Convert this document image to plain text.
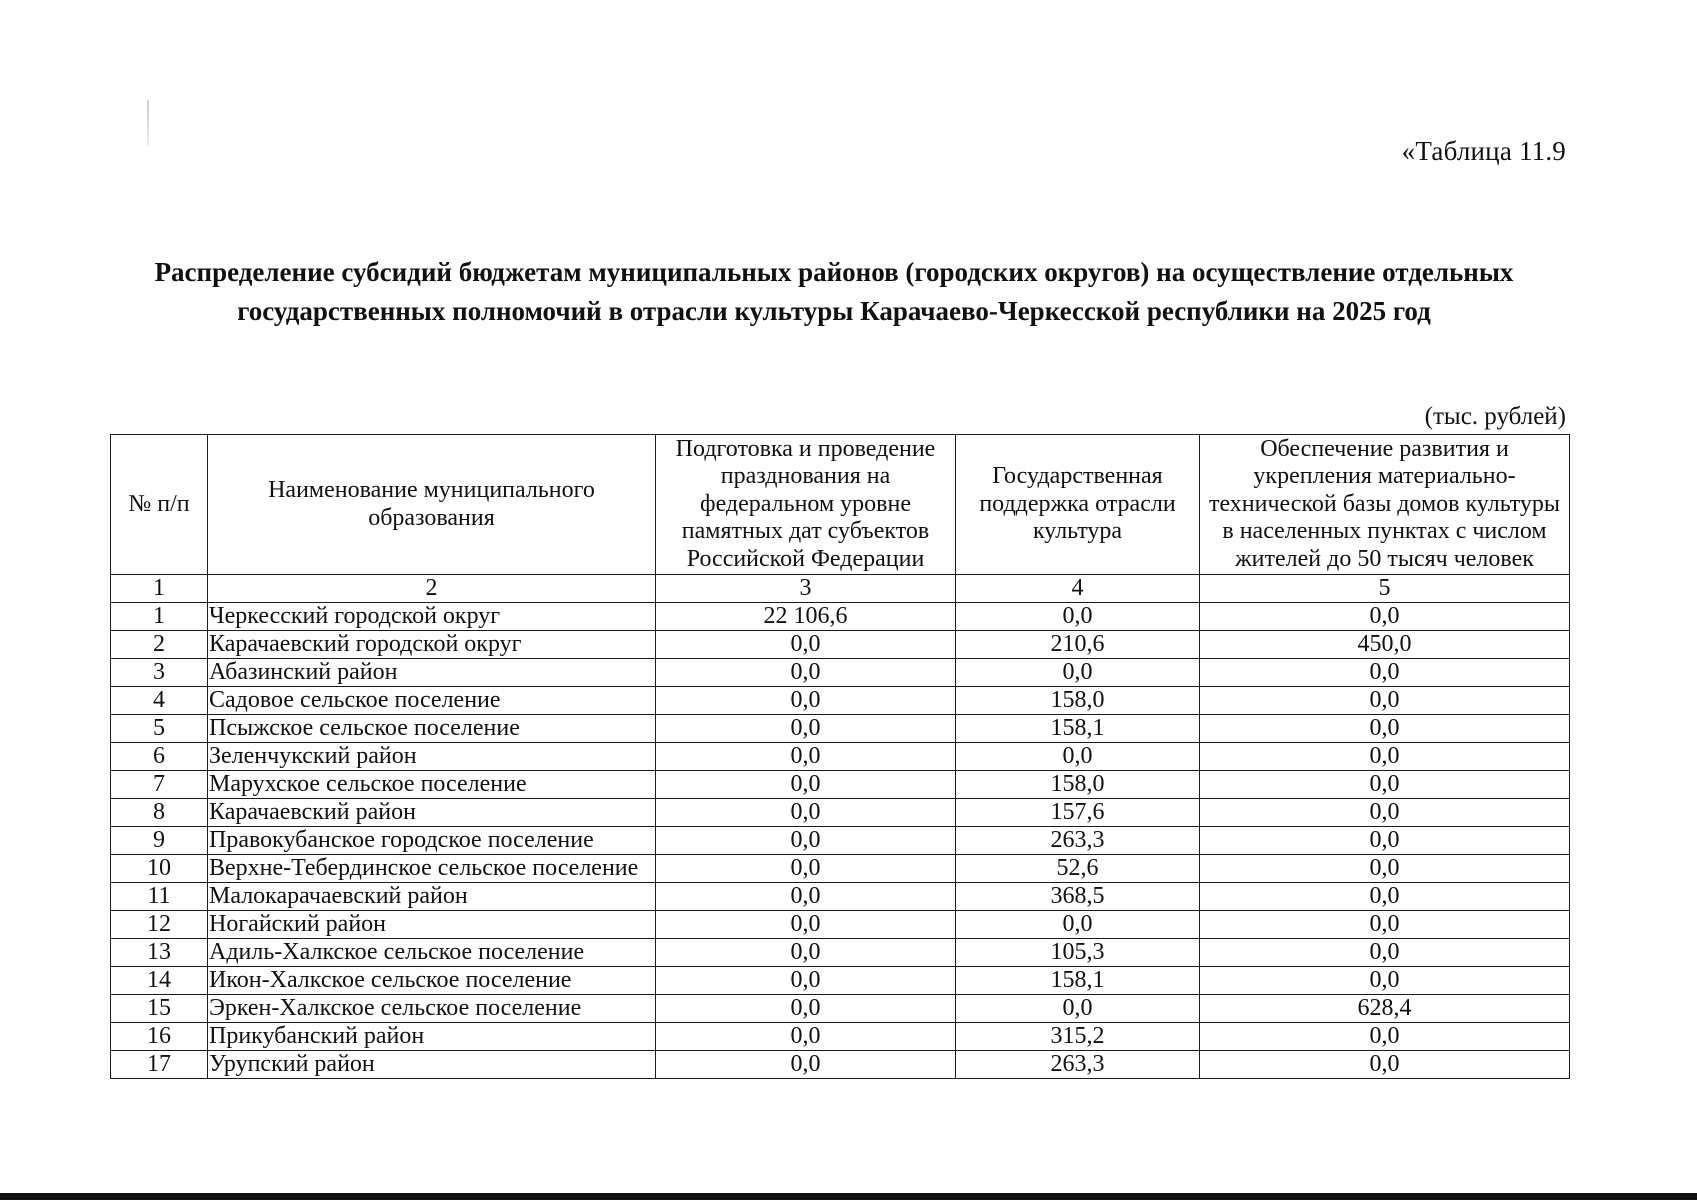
«Таблица 11.9
Распределение субсидий бюджетам муниципальных районов (городских округов) на осуществление отдельных государственных полномочий в отрасли культуры Карачаево-Черкесской республики на 2025 год
(тыс. рублей)
№ п/п	Наименование муниципального образования	Подготовка и проведение празднования на федеральном уровне памятных дат субъектов Российской Федерации	Государственная поддержка отрасли культура	Обеспечение развития и укрепления материально-технической базы домов культуры в населенных пунктах с числом жителей до 50 тысяч человек
1	2	3	4	5
1	Черкесский городской округ	22 106,6	0,0	0,0
2	Карачаевский городской округ	0,0	210,6	450,0
3	Абазинский район	0,0	0,0	0,0
4	Садовое сельское поселение	0,0	158,0	0,0
5	Псыжское сельское поселение	0,0	158,1	0,0
6	Зеленчукский район	0,0	0,0	0,0
7	Марухское сельское поселение	0,0	158,0	0,0
8	Карачаевский район	0,0	157,6	0,0
9	Правокубанское городское поселение	0,0	263,3	0,0
10	Верхне-Тебердинское сельское поселение	0,0	52,6	0,0
11	Малокарачаевский район	0,0	368,5	0,0
12	Ногайский район	0,0	0,0	0,0
13	Адиль-Халкское сельское поселение	0,0	105,3	0,0
14	Икон-Халкское сельское поселение	0,0	158,1	0,0
15	Эркен-Халкское сельское поселение	0,0	0,0	628,4
16	Прикубанский район	0,0	315,2	0,0
17	Урупский район	0,0	263,3	0,0
